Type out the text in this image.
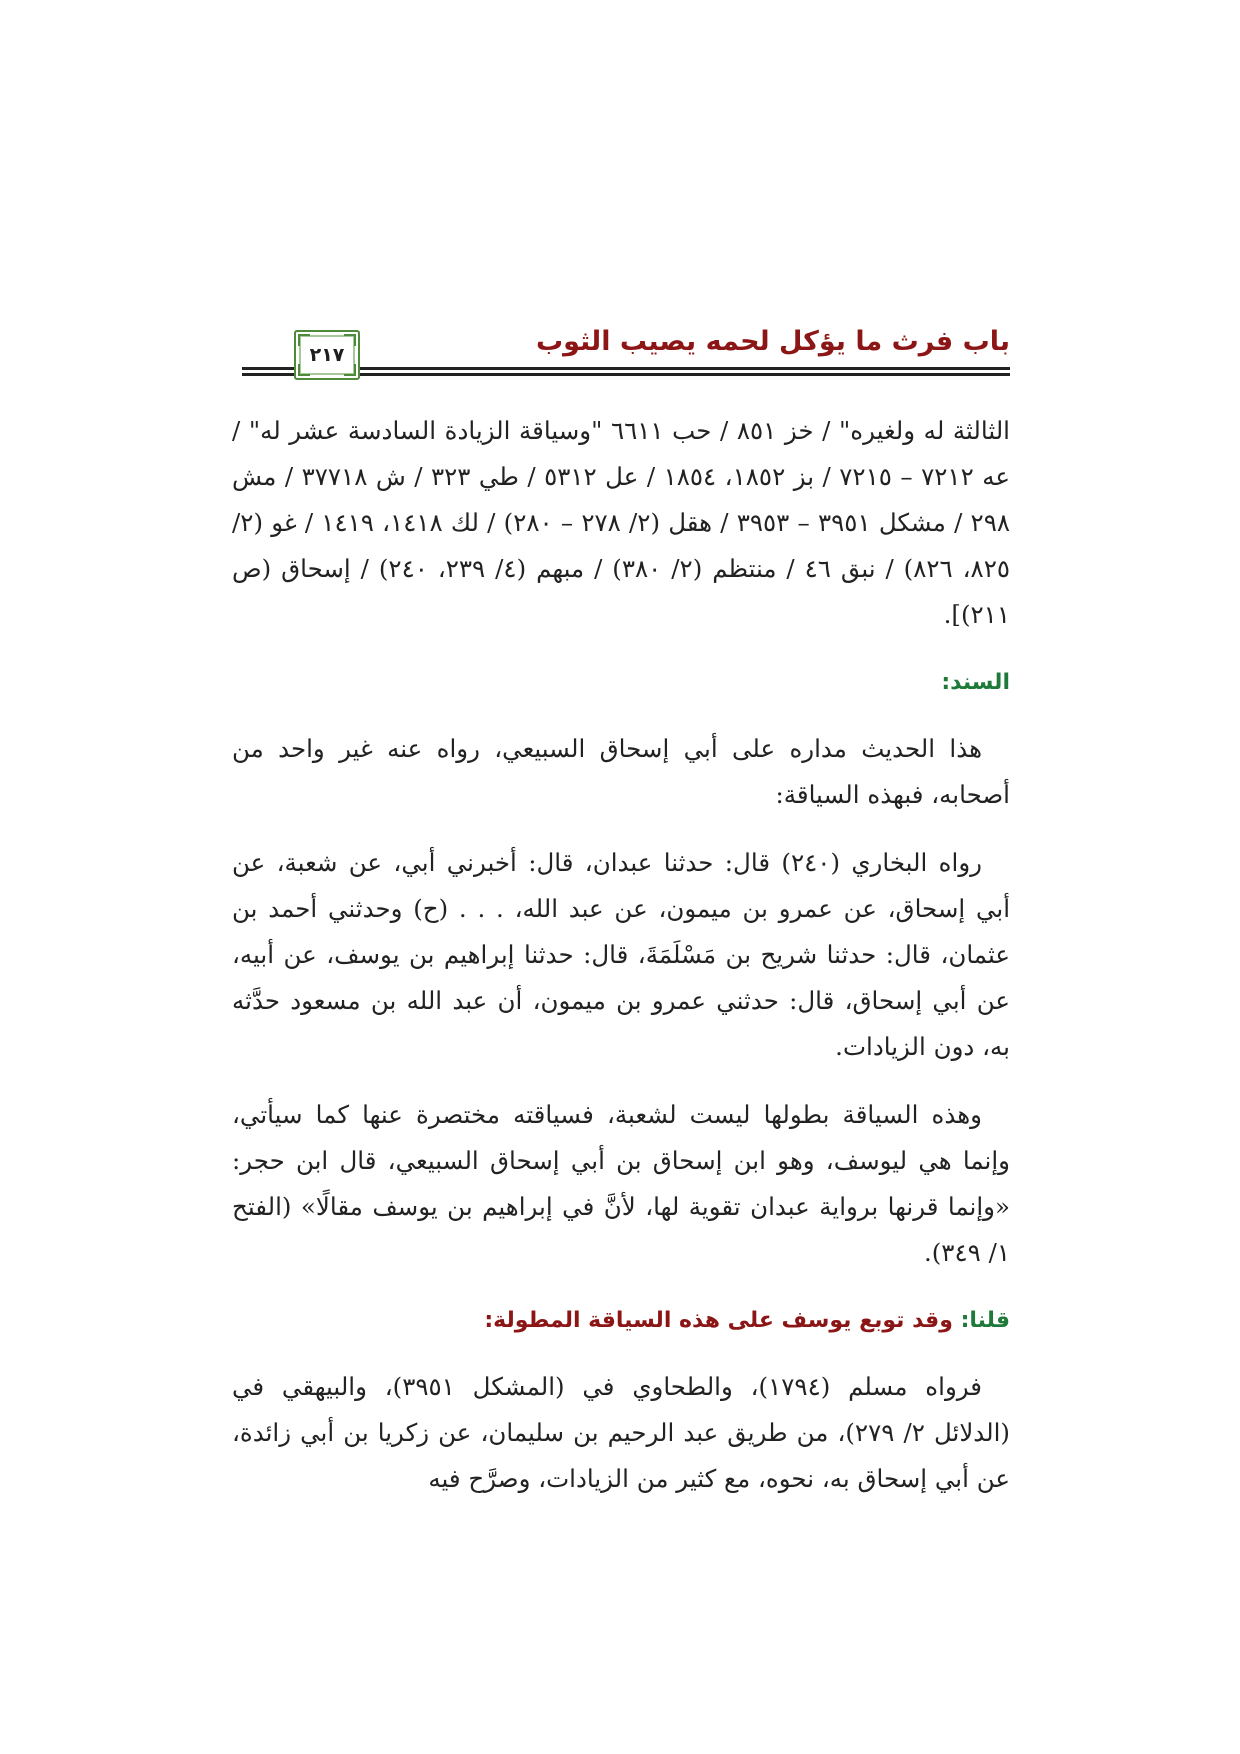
باب فرث ما يؤكل لحمه يصيب الثوب
٢١٧

الثالثة له ولغيره" / خز ٨٥١ / حب ٦٦١١ "وسياقة الزيادة السادسة عشر له" / عه ٧٢١٢ – ٧٢١٥ / بز ١٨٥٢، ١٨٥٤ / عل ٥٣١٢ / طي ٣٢٣ / ش ٣٧٧١٨ / مش ٢٩٨ / مشكل ٣٩٥١ – ٣٩٥٣ / هقل (٢/ ٢٧٨ – ٢٨٠) / لك ١٤١٨، ١٤١٩ / غو (٢/ ٨٢٥، ٨٢٦) / نبق ٤٦ / منتظم (٢/ ٣٨٠) / مبهم (٤/ ٢٣٩، ٢٤٠) / إسحاق (ص ٢١١)].

السند:

هذا الحديث مداره على أبي إسحاق السبيعي، رواه عنه غير واحد من أصحابه، فبهذه السياقة:

رواه البخاري (٢٤٠) قال: حدثنا عبدان، قال: أخبرني أبي، عن شعبة، عن أبي إسحاق، عن عمرو بن ميمون، عن عبد الله، . . . (ح) وحدثني أحمد بن عثمان، قال: حدثنا شريح بن مَسْلَمَةَ، قال: حدثنا إبراهيم بن يوسف، عن أبيه، عن أبي إسحاق، قال: حدثني عمرو بن ميمون، أن عبد الله بن مسعود حدَّثه به، دون الزيادات.

وهذه السياقة بطولها ليست لشعبة، فسياقته مختصرة عنها كما سيأتي، وإنما هي ليوسف، وهو ابن إسحاق بن أبي إسحاق السبيعي، قال ابن حجر: «وإنما قرنها برواية عبدان تقوية لها، لأنَّ في إبراهيم بن يوسف مقالًا» (الفتح ١/ ٣٤٩).

قلنا: وقد توبع يوسف على هذه السياقة المطولة:

فرواه مسلم (١٧٩٤)، والطحاوي في (المشكل ٣٩٥١)، والبيهقي في (الدلائل ٢/ ٢٧٩)، من طريق عبد الرحيم بن سليمان، عن زكريا بن أبي زائدة، عن أبي إسحاق به، نحوه، مع كثير من الزيادات، وصرَّح فيه
